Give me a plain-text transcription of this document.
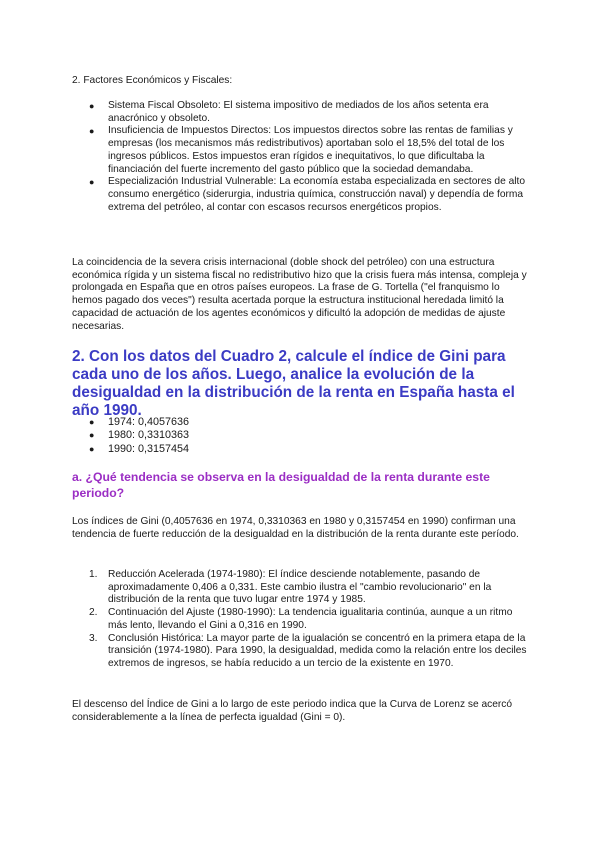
2. Factores Económicos y Fiscales:

● Sistema Fiscal Obsoleto: El sistema impositivo de mediados de los años setenta era anacrónico y obsoleto.
● Insuficiencia de Impuestos Directos: Los impuestos directos sobre las rentas de familias y empresas (los mecanismos más redistributivos) aportaban solo el 18,5% del total de los ingresos públicos. Estos impuestos eran rígidos e inequitativos, lo que dificultaba la financiación del fuerte incremento del gasto público que la sociedad demandaba.
● Especialización Industrial Vulnerable: La economía estaba especializada en sectores de alto consumo energético (siderurgia, industria química, construcción naval) y dependía de forma extrema del petróleo, al contar con escasos recursos energéticos propios.

La coincidencia de la severa crisis internacional (doble shock del petróleo) con una estructura económica rígida y un sistema fiscal no redistributivo hizo que la crisis fuera más intensa, compleja y prolongada en España que en otros países europeos. La frase de G. Tortella ("el franquismo lo hemos pagado dos veces") resulta acertada porque la estructura institucional heredada limitó la capacidad de actuación de los agentes económicos y dificultó la adopción de medidas de ajuste necesarias.

2. Con los datos del Cuadro 2, calcule el índice de Gini para cada uno de los años. Luego, analice la evolución de la desigualdad en la distribución de la renta en España hasta el año 1990.
● 1974: 0,4057636
● 1980: 0,3310363
● 1990: 0,3157454
a. ¿Qué tendencia se observa en la desigualdad de la renta durante este periodo?

Los índices de Gini (0,4057636 en 1974, 0,3310363 en 1980 y 0,3157454 en 1990) confirman una tendencia de fuerte reducción de la desigualdad en la distribución de la renta durante este período.

1. Reducción Acelerada (1974-1980): El índice desciende notablemente, pasando de aproximadamente 0,406 a 0,331. Este cambio ilustra el "cambio revolucionario" en la distribución de la renta que tuvo lugar entre 1974 y 1985.
2. Continuación del Ajuste (1980-1990): La tendencia igualitaria continúa, aunque a un ritmo más lento, llevando el Gini a 0,316 en 1990.
3. Conclusión Histórica: La mayor parte de la igualación se concentró en la primera etapa de la transición (1974-1980). Para 1990, la desigualdad, medida como la relación entre los deciles extremos de ingresos, se había reducido a un tercio de la existente en 1970.

El descenso del Índice de Gini a lo largo de este periodo indica que la Curva de Lorenz se acercó considerablemente a la línea de perfecta igualdad (Gini = 0).
